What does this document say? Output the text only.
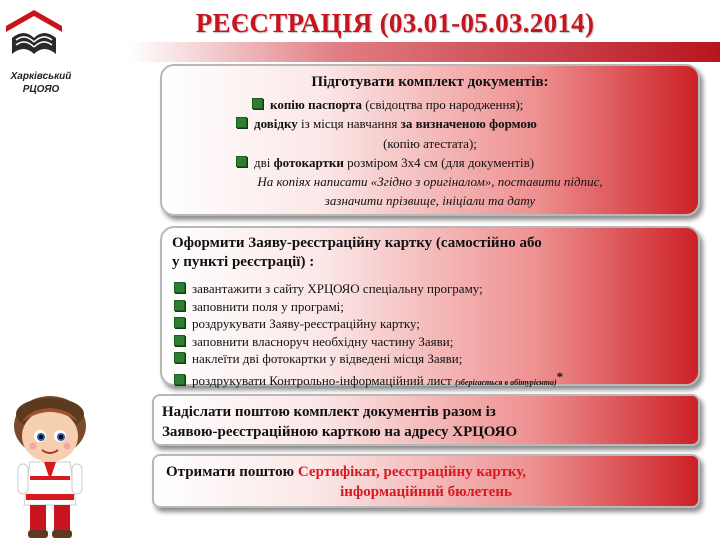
Харківський
РЦОЯО
РЕЄСТРАЦІЯ (03.01-05.03.2014)
Підготувати комплект документів:
копію паспорта (свідоцтва про народження);
довідку із місця навчання за визначеною формою
(копію атестата);
дві фотокартки розміром 3х4 см (для документів)
На копіях написати «Згідно з оригіналом», поставити підпис,
зазначити прізвище, ініціали та дату
Оформити Заяву-реєстраційну картку (самостійно або
у пункті реєстрації) :
завантажити з сайту ХРЦОЯО спеціальну програму;
заповнити поля у програмі;
роздрукувати Заяву-реєстраційну картку;
заповнити власноруч необхідну частину Заяви;
наклеїти дві фотокартки у відведені місця Заяви;
роздрукувати Контрольно-інформаційний лист (зберігається в абітурієнта)*
Надіслати поштою комплект документів разом із
Заявою-реєстраційною карткою на адресу ХРЦОЯО
Отримати поштою Сертифікат, реєстраційну картку,
інформаційний бюлетень
